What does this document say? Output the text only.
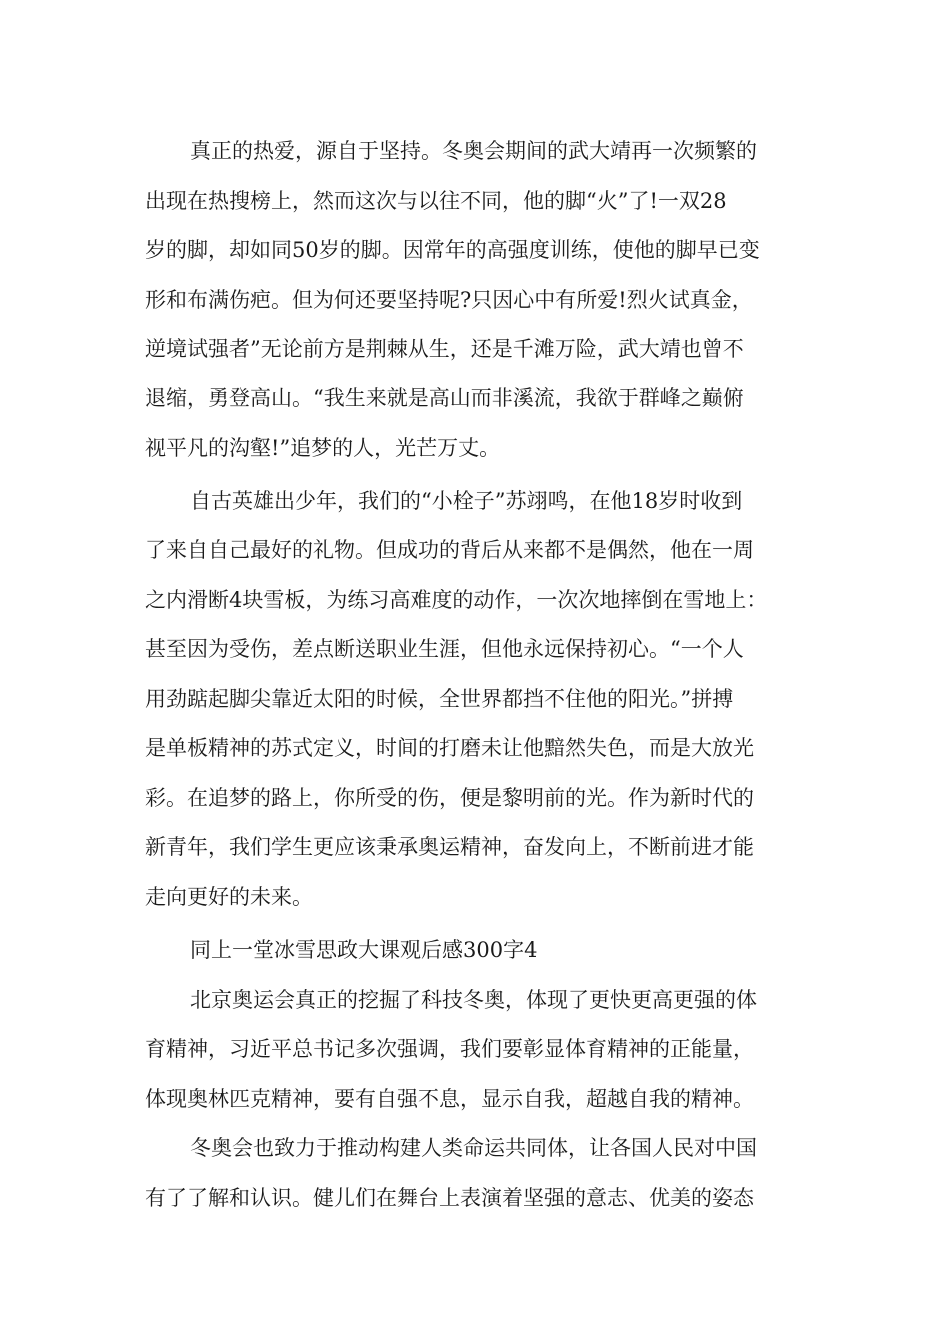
真正的热爱，源自于坚持。冬奥会期间的武大靖再一次频繁的
出现在热搜榜上，然而这次与以往不同，他的脚“火”了!一双28
岁的脚，却如同50岁的脚。因常年的高强度训练，使他的脚早已变
形和布满伤疤。但为何还要坚持呢?只因心中有所爱!烈火试真金，
逆境试强者”无论前方是荆棘从生，还是千滩万险，武大靖也曾不
退缩，勇登高山。“我生来就是高山而非溪流，我欲于群峰之巅俯
视平凡的沟壑!”追梦的人，光芒万丈。
自古英雄出少年，我们的“小栓子”苏翊鸣，在他18岁时收到
了来自自己最好的礼物。但成功的背后从来都不是偶然，他在一周
之内滑断4块雪板，为练习高难度的动作，一次次地摔倒在雪地上：
甚至因为受伤，差点断送职业生涯，但他永远保持初心。“一个人
用劲踮起脚尖靠近太阳的时候，全世界都挡不住他的阳光。”拼搏
是单板精神的苏式定义，时间的打磨未让他黯然失色，而是大放光
彩。在追梦的路上，你所受的伤，便是黎明前的光。作为新时代的
新青年，我们学生更应该秉承奥运精神，奋发向上，不断前进才能
走向更好的未来。
同上一堂冰雪思政大课观后感300字4
北京奥运会真正的挖掘了科技冬奥，体现了更快更高更强的体
育精神，习近平总书记多次强调，我们要彰显体育精神的正能量，
体现奥林匹克精神，要有自强不息，显示自我，超越自我的精神。
冬奥会也致力于推动构建人类命运共同体，让各国人民对中国
有了了解和认识。健儿们在舞台上表演着坚强的意志、优美的姿态
